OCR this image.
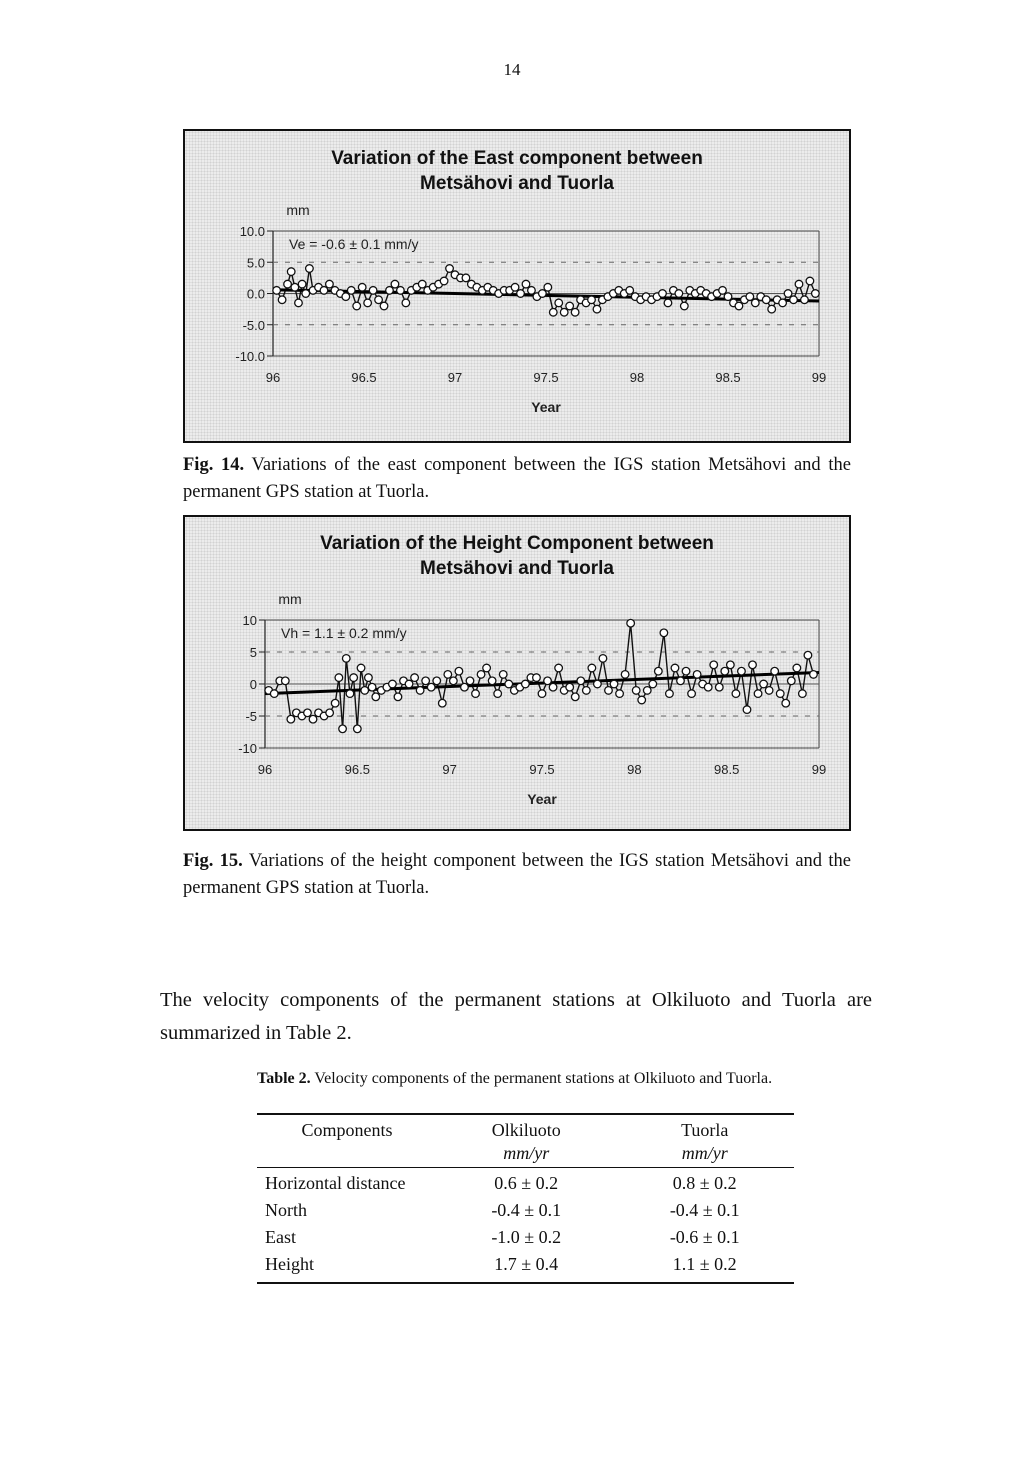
14
10.0
5.0
0.0
-5.0
-10.0
96	96.5	97	97.5	98	98.5	99
mm
Year
Ve = -0.6 ± 0.1 mm/y
Variation of the East component between
Metsähovi and Tuorla
Fig. 14. Variations of the east component between the IGS station Metsähovi and the permanent GPS station at Tuorla.
10
5
0
-5
-10
96	96.5	97	97.5	98	98.5	99
mm
Year
Vh = 1.1 ± 0.2 mm/y
Variation of the Height Component between
Metsähovi and Tuorla
Fig. 15. Variations of the height component between the IGS station Metsähovi and the permanent GPS station at Tuorla.
The velocity components of the permanent stations at Olkiluoto and Tuorla are summarized in Table 2.
Table 2. Velocity components of the permanent stations at Olkiluoto and Tuorla.
Components	Olkiluoto	Tuorla
	mm/yr	mm/yr
Horizontal distance	0.6 ± 0.2	0.8 ± 0.2
North	-0.4 ± 0.1	-0.4 ± 0.1
East	-1.0 ± 0.2	-0.6 ± 0.1
Height	1.7 ± 0.4	1.1 ± 0.2
